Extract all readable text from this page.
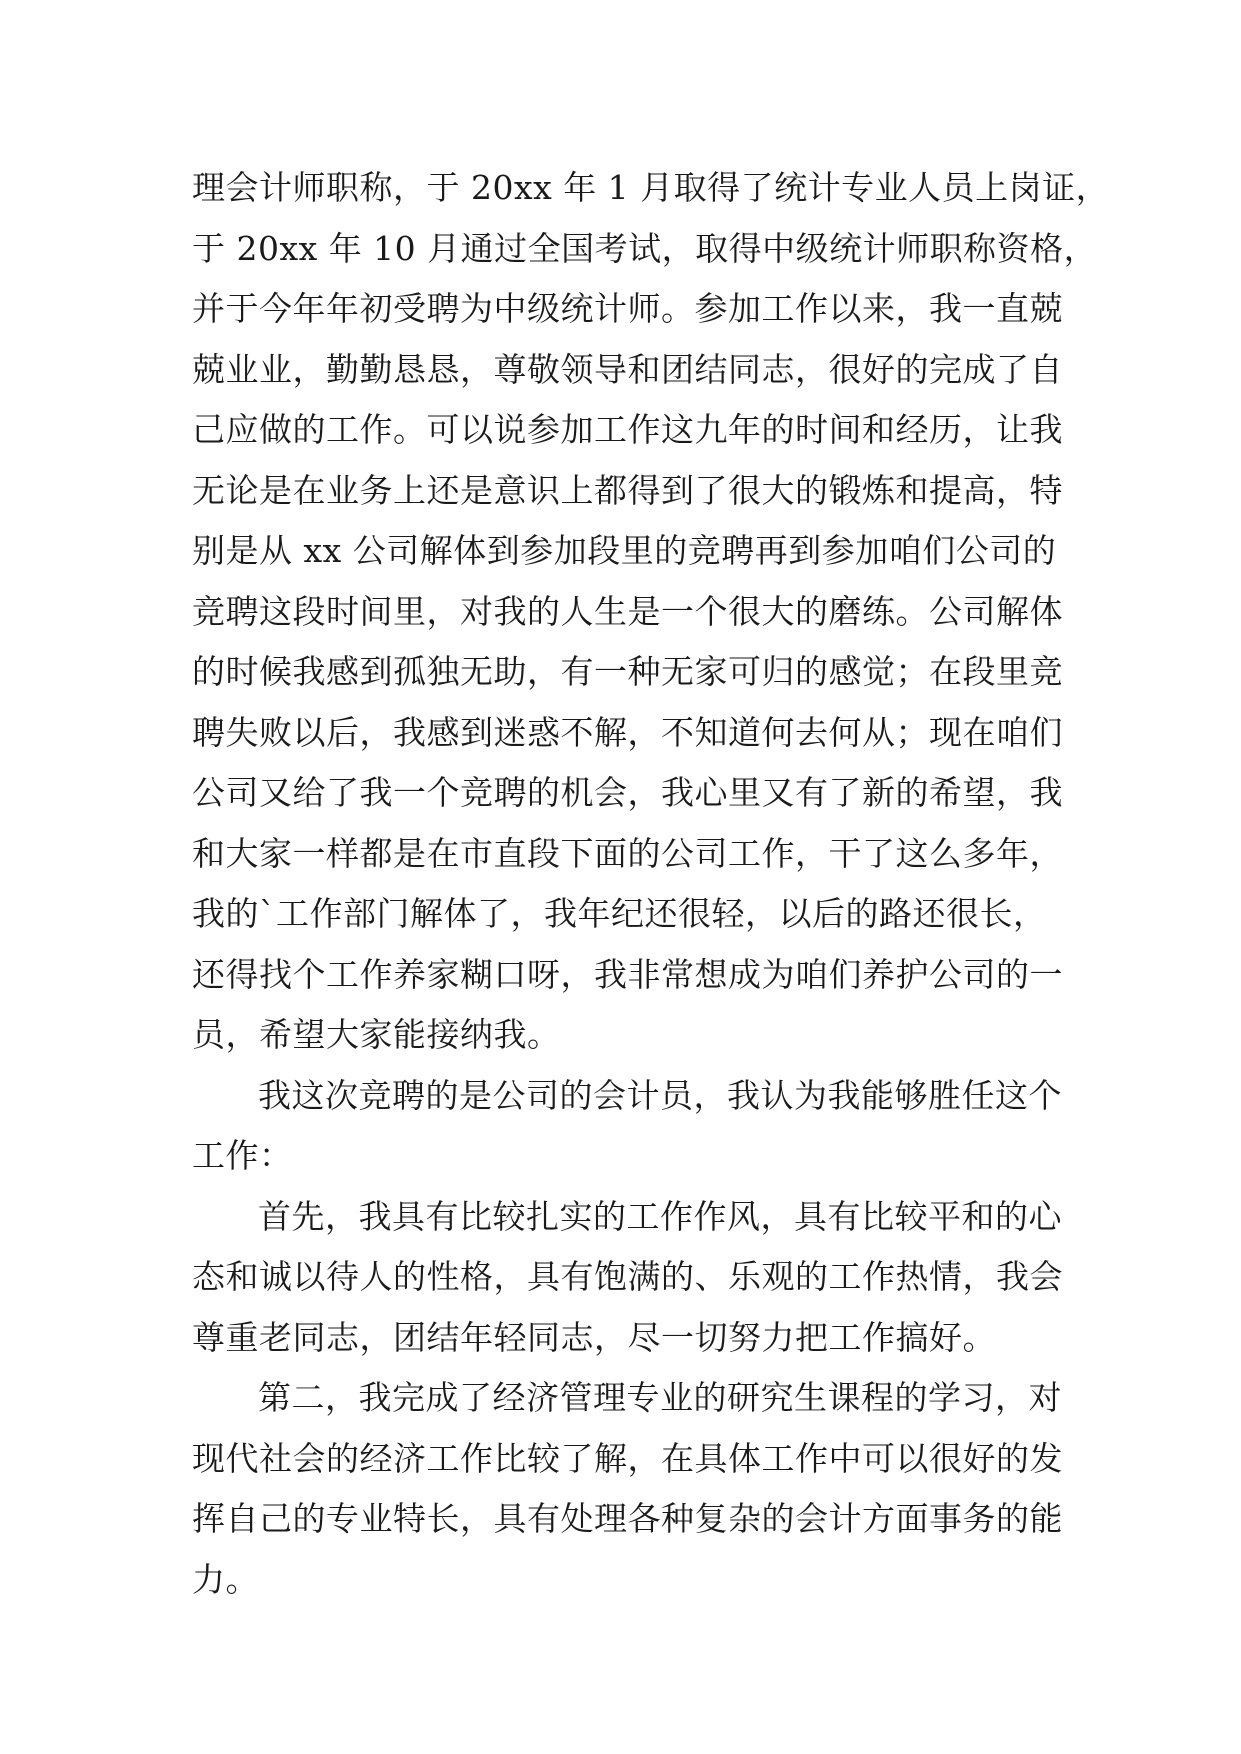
理会计师职称，于 20xx 年 1 月取得了统计专业人员上岗证，
于 20xx 年 10 月通过全国考试，取得中级统计师职称资格，
并于今年年初受聘为中级统计师。参加工作以来，我一直兢
兢业业，勤勤恳恳，尊敬领导和团结同志，很好的完成了自
己应做的工作。可以说参加工作这九年的时间和经历，让我
无论是在业务上还是意识上都得到了很大的锻炼和提高，特
别是从 xx 公司解体到参加段里的竞聘再到参加咱们公司的
竞聘这段时间里，对我的人生是一个很大的磨练。公司解体
的时候我感到孤独无助，有一种无家可归的感觉；在段里竞
聘失败以后，我感到迷惑不解，不知道何去何从；现在咱们
公司又给了我一个竞聘的机会，我心里又有了新的希望，我
和大家一样都是在市直段下面的公司工作，干了这么多年，
我的`工作部门解体了，我年纪还很轻，以后的路还很长，
还得找个工作养家糊口呀，我非常想成为咱们养护公司的一
员，希望大家能接纳我。
我这次竞聘的是公司的会计员，我认为我能够胜任这个
工作：
首先，我具有比较扎实的工作作风，具有比较平和的心
态和诚以待人的性格，具有饱满的、乐观的工作热情，我会
尊重老同志，团结年轻同志，尽一切努力把工作搞好。
第二，我完成了经济管理专业的研究生课程的学习，对
现代社会的经济工作比较了解，在具体工作中可以很好的发
挥自己的专业特长，具有处理各种复杂的会计方面事务的能
力。
